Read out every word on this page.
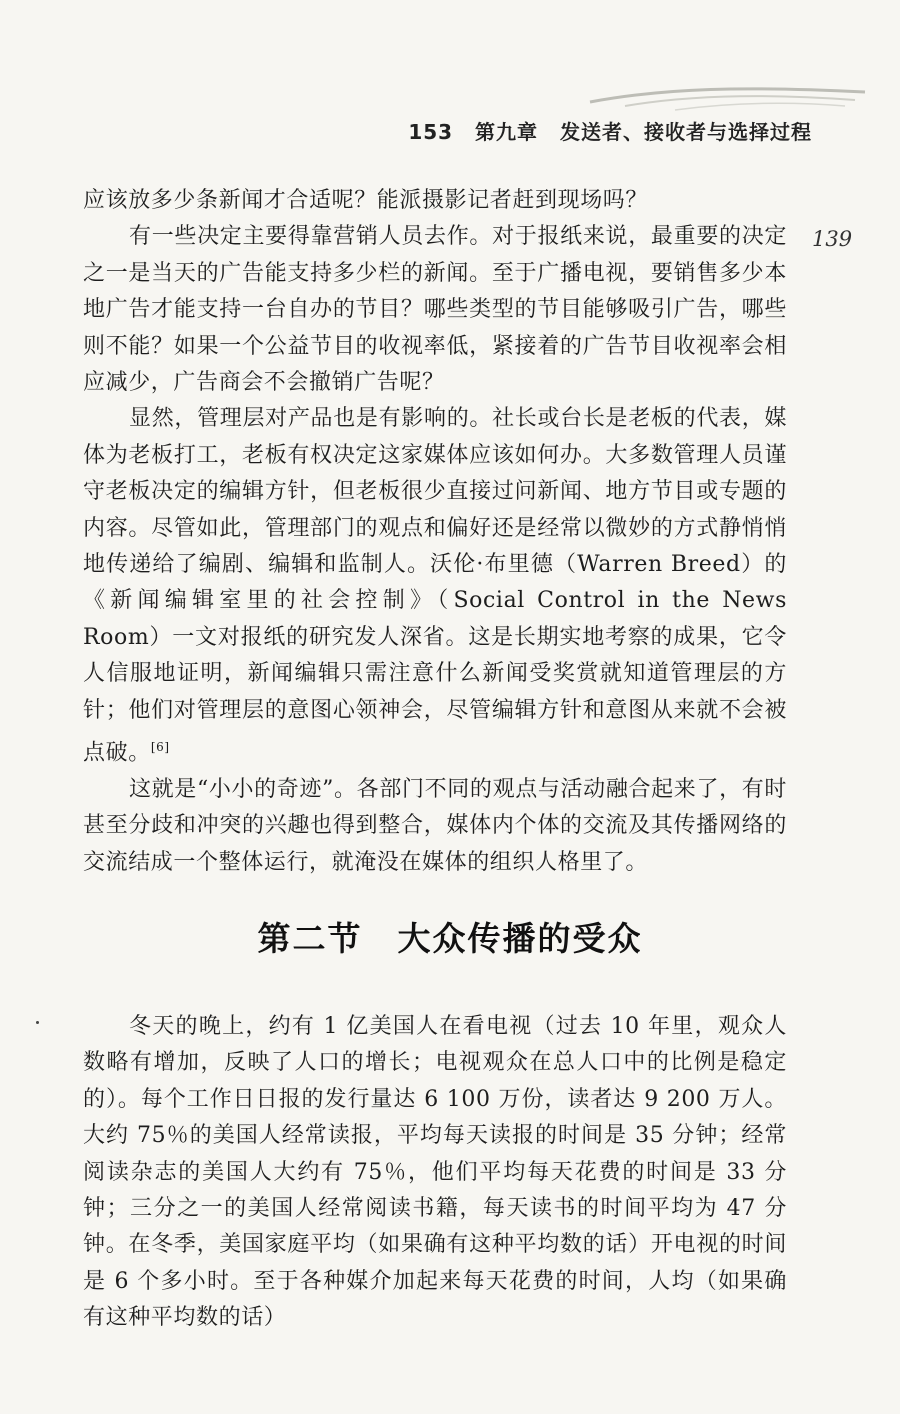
153 第九章 发送者、接收者与选择过程
139

应该放多少条新闻才合适呢？能派摄影记者赶到现场吗？

有一些决定主要得靠营销人员去作。对于报纸来说，最重要的决定之一是当天的广告能支持多少栏的新闻。至于广播电视，要销售多少本地广告才能支持一台自办的节目？哪些类型的节目能够吸引广告，哪些则不能？如果一个公益节目的收视率低，紧接着的广告节目收视率会相应减少，广告商会不会撤销广告呢？

显然，管理层对产品也是有影响的。社长或台长是老板的代表，媒体为老板打工，老板有权决定这家媒体应该如何办。大多数管理人员谨守老板决定的编辑方针，但老板很少直接过问新闻、地方节目或专题的内容。尽管如此，管理部门的观点和偏好还是经常以微妙的方式静悄悄地传递给了编剧、编辑和监制人。沃伦·布里德（Warren Breed）的《新闻编辑室里的社会控制》（Social Control in the News Room）一文对报纸的研究发人深省。这是长期实地考察的成果，它令人信服地证明，新闻编辑只需注意什么新闻受奖赏就知道管理层的方针；他们对管理层的意图心领神会，尽管编辑方针和意图从来就不会被点破。[6]

这就是“小小的奇迹”。各部门不同的观点与活动融合起来了，有时甚至分歧和冲突的兴趣也得到整合，媒体内个体的交流及其传播网络的交流结成一个整体运行，就淹没在媒体的组织人格里了。

第二节　大众传播的受众

冬天的晚上，约有 1 亿美国人在看电视（过去 10 年里，观众人数略有增加，反映了人口的增长；电视观众在总人口中的比例是稳定的）。每个工作日日报的发行量达 6 100 万份，读者达 9 200 万人。大约 75％的美国人经常读报，平均每天读报的时间是 35 分钟；经常阅读杂志的美国人大约有 75％，他们平均每天花费的时间是 33 分钟；三分之一的美国人经常阅读书籍，每天读书的时间平均为 47 分钟。在冬季，美国家庭平均（如果确有这种平均数的话）开电视的时间是 6 个多小时。至于各种媒介加起来每天花费的时间，人均（如果确有这种平均数的话）
